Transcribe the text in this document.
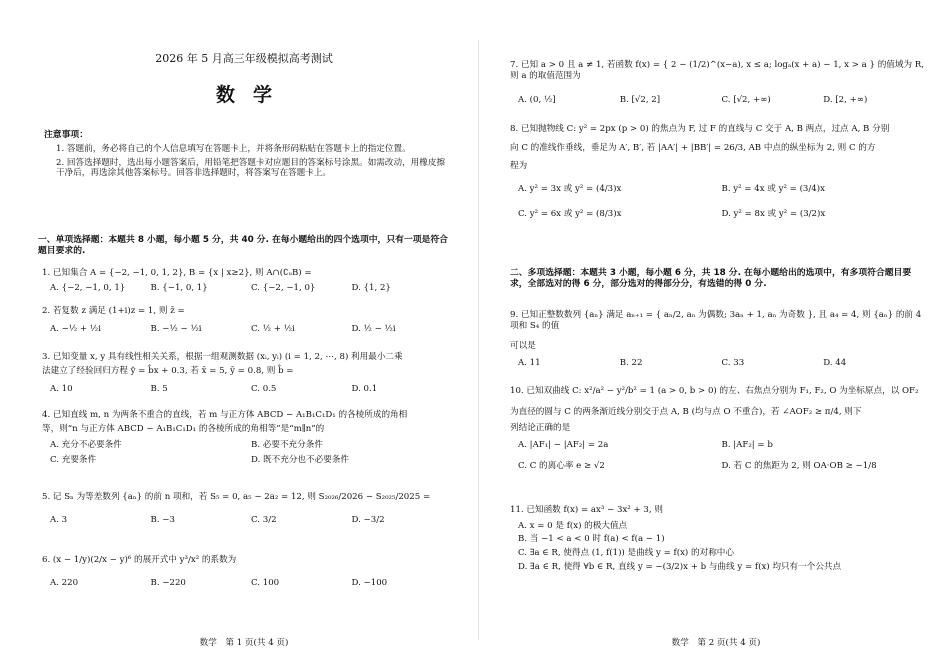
2026 年 5 月高三年级模拟高考测试
数学
注意事项：
1. 答题前，务必将自己的个人信息填写在答题卡上，并将条形码粘贴在答题卡上的指定位置。
2. 回答选择题时，选出每小题答案后，用铅笔把答题卡对应题目的答案标号涂黑。如需改动，用橡皮擦干净后，再选涂其他答案标号。回答非选择题时，将答案写在答题卡上。
一、单项选择题：本题共 8 小题，每小题 5 分，共 40 分. 在每小题给出的四个选项中，只有一项是符合题目要求的.
1. 已知集合 A = {−2, −1, 0, 1, 2}, B = {x | x≥2}, 则 A∩(∁ᵤB) =
A. {−2, −1, 0, 1}	B. {−1, 0, 1}	C. {−2, −1, 0}	D. {1, 2}
2. 若复数 z 满足 (1+i)z = 1, 则 z̄ =
A. −½ + ½i	B. −½ − ½i	C. ½ + ½i	D. ½ − ½i
3. 已知变量 x, y 具有线性相关关系，根据一组观测数据 (xᵢ, yᵢ) (i = 1, 2, ⋯, 8) 利用最小二乘
法建立了经验回归方程 ŷ = b̂x + 0.3, 若 x̄ = 5, ȳ = 0.8, 则 b̂ =
A. 10	B. 5	C. 0.5	D. 0.1
4. 已知直线 m, n 为两条不重合的直线，若 m 与正方体 ABCD − A₁B₁C₁D₁ 的各棱所成的角相
等，则“n 与正方体 ABCD − A₁B₁C₁D₁ 的各棱所成的角相等”是“m∥n”的
A. 充分不必要条件	B. 必要不充分条件
C. 充要条件	D. 既不充分也不必要条件
5. 记 Sₙ 为等差数列 {aₙ} 的前 n 项和，若 S₅ = 0, a₅ − 2a₂ = 12, 则 S₂₀₂₆/2026 − S₂₀₂₅/2025 =
A. 3	B. −3	C. 3/2	D. −3/2
6. (x − 1/y)(2/x − y)⁶ 的展开式中 y³/x² 的系数为
A. 220	B. −220	C. 100	D. −100
数学　第 1 页(共 4 页)
7. 已知 a > 0 且 a ≠ 1, 若函数 f(x) = { 2 − (1/2)^(x−a), x ≤ a; logₐ(x + a) − 1, x > a } 的值域为 R, 则 a 的取值范围为
A. (0, ½]	B. [√2, 2]	C. [√2, +∞)	D. [2, +∞)
8. 已知抛物线 C: y² = 2px (p > 0) 的焦点为 F, 过 F 的直线与 C 交于 A, B 两点，过点 A, B 分别
向 C 的准线作垂线，垂足为 A′, B′, 若 |AA′| + |BB′| = 26/3, AB 中点的纵坐标为 2, 则 C 的方
程为
A. y² = 3x 或 y² = (4/3)x	B. y² = 4x 或 y² = (3/4)x
C. y² = 6x 或 y² = (8/3)x	D. y² = 8x 或 y² = (3/2)x
二、多项选择题：本题共 3 小题，每小题 6 分，共 18 分. 在每小题给出的选项中，有多项符合题目要求，全部选对的得 6 分，部分选对的得部分分，有选错的得 0 分.
9. 已知正整数数列 {aₙ} 满足 aₙ₊₁ = { aₙ/2, aₙ 为偶数; 3aₙ + 1, aₙ 为奇数 }, 且 a₄ = 4, 则 {aₙ} 的前 4 项和 S₄ 的值
可以是
A. 11	B. 22	C. 33	D. 44
10. 已知双曲线 C: x²/a² − y²/b² = 1 (a > 0, b > 0) 的左、右焦点分别为 F₁, F₂, O 为坐标原点，以 OF₂
为直径的圆与 C 的两条渐近线分别交于点 A, B (均与点 O 不重合)，若 ∠AOF₂ ≥ π/4, 则下
列结论正确的是
A. |AF₁| − |AF₂| = 2a	B. |AF₂| = b
C. C 的离心率 e ≥ √2	D. 若 C 的焦距为 2, 则 OA·OB ≥ −1/8
11. 已知函数 f(x) = ax³ − 3x² + 3, 则
A. x = 0 是 f(x) 的极大值点
B. 当 −1 < a < 0 时 f(a) < f(a − 1)
C. ∃a ∈ R, 使得点 (1, f(1)) 是曲线 y = f(x) 的对称中心
D. ∃a ∈ R, 使得 ∀b ∈ R, 直线 y = −(3/2)x + b 与曲线 y = f(x) 均只有一个公共点
数学　第 2 页(共 4 页)
